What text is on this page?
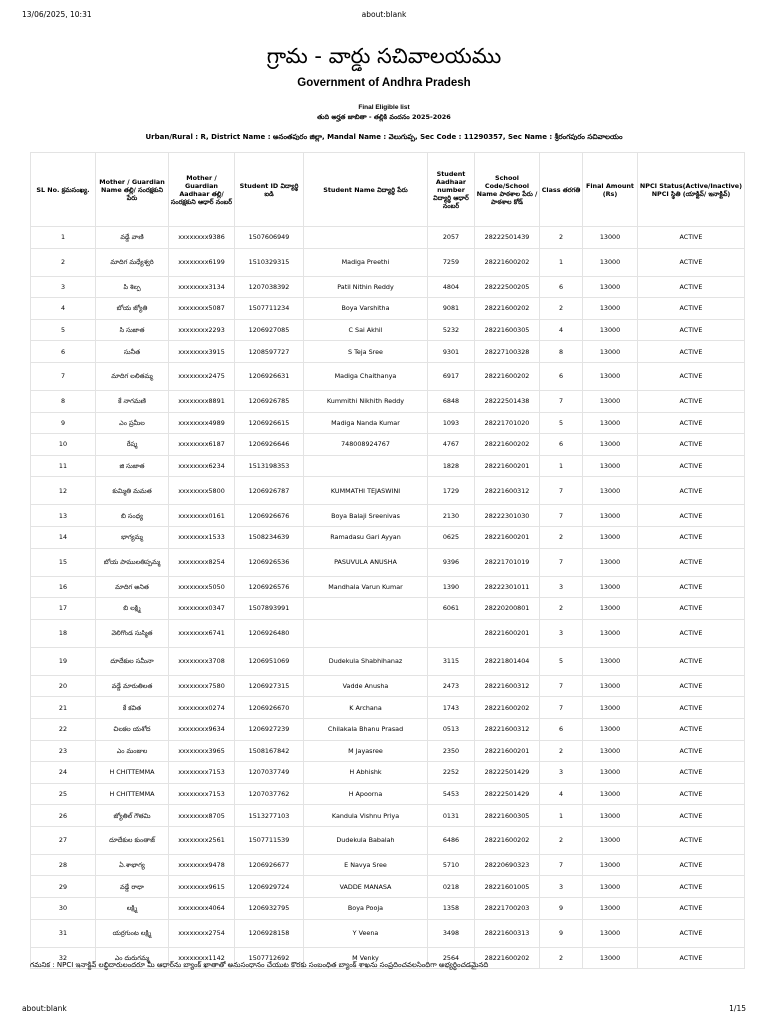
13/06/2025, 10:31	about:blank
గ్రామ - వార్డు సచివాలయము
Government of Andhra Pradesh
Final Eligible list
తుది అర్హత జాబితా - తల్లికి వందనం 2025-2026
Urban/Rural : R, District Name : అనంతపురం జిల్లా, Mandal Name : వెలుగుప్ప, Sec Code : 11290357, Sec Name : శ్రీరంగపురం సచివాలయం
SL No. క్రమసంఖ్య.	Mother / Guardian Name తల్లి/ సంరక్షకుని పేరు	Mother / Guardian Aadhaar తల్లి/ సంరక్షకుని ఆధార్ నంబర్	Student ID విద్యార్థి ఐడి	Student Name విద్యార్థి పేరు	Student Aadhaar number విద్యార్థి ఆధార్ నంబర్	School Code/School Name పాఠశాల పేరు / పాఠశాల కోడ్	Class తరగతి	Final Amount (Rs)	NPCI Status(Active/Inactive) NPCI స్థితి (యాక్టివ్/ ఇనాక్టివ్)
1	వడ్డే వాణి	xxxxxxxx9386	1507606949		2057	28222501439	2	13000	ACTIVE
2	మాదిగ మధ్యేశ్వరి	xxxxxxxx6199	1510329315	Madiga Preethi	7259	28221600202	1	13000	ACTIVE
3	పి శిల్ప	xxxxxxxx3134	1207038392	Patil Nithin Reddy	4804	28222500205	6	13000	ACTIVE
4	బోయ జ్యోతి	xxxxxxxx5087	1507711234	Boya Varshitha	9081	28221600202	2	13000	ACTIVE
5	సి సుజాత	xxxxxxxx2293	1206927085	C Sai Akhil	5232	28221600305	4	13000	ACTIVE
6	సునీత	xxxxxxxx3915	1208597727	S Teja Sree	9301	28227100328	8	13000	ACTIVE
7	మాదిగ లలితమ్మ	xxxxxxxx2475	1206926631	Madiga Chaithanya	6917	28221600202	6	13000	ACTIVE
8	కే నాగమణి	xxxxxxxx8891	1206926785	Kummithi Nikhith Reddy	6848	28222501438	7	13000	ACTIVE
9	ఎం ప్రమీల	xxxxxxxx4989	1206926615	Madiga Nanda Kumar	1093	28221701020	5	13000	ACTIVE
10	రేష్మ	xxxxxxxx6187	1206926646	748008924767	4767	28221600202	6	13000	ACTIVE
11	జి సుజాత	xxxxxxxx6234	1513198353		1828	28221600201	1	13000	ACTIVE
12	కుమ్మితి మమత	xxxxxxxx5800	1206926787	KUMMATHI TEJASWINI	1729	28221600312	7	13000	ACTIVE
13	బి సంధ్య	xxxxxxxx0161	1206926676	Boya Balaji Sreenivas	2130	28222301030	7	13000	ACTIVE
14	భాగ్యమ్మ	xxxxxxxx1533	1508234639	Ramadasu Gari Ayyan	0625	28221600201	2	13000	ACTIVE
15	బోయ పాములతిప్పమ్మ	xxxxxxxx8254	1206926536	PASUVULA ANUSHA	9396	28221701019	7	13000	ACTIVE
16	మాదిగ అనిత	xxxxxxxx5050	1206926576	Mandhala Varun Kumar	1390	28222301011	3	13000	ACTIVE
17	బి లక్ష్మి	xxxxxxxx0347	1507893991		6061	28220200801	2	13000	ACTIVE
18	వెలిగొండ సుస్మిత	xxxxxxxx6741	1206926480			28221600201	3	13000	ACTIVE
19	దూదేకుల సమీనా	xxxxxxxx3708	1206951069	Dudekula Shabhihanaz	3115	28221801404	5	13000	ACTIVE
20	వడ్డే మారుతిలత	xxxxxxxx7580	1206927315	Vadde Anusha	2473	28221600312	7	13000	ACTIVE
21	కే కవిత	xxxxxxxx0274	1206926670	K Archana	1743	28221600202	7	13000	ACTIVE
22	చిలకల యశోద	xxxxxxxx9634	1206927239	Chilakala Bhanu Prasad	0513	28221600312	6	13000	ACTIVE
23	ఎం మంజుల	xxxxxxxx3965	1508167842	M Jayasree	2350	28221600201	2	13000	ACTIVE
24	H CHITTEMMA	xxxxxxxx7153	1207037749	H Abhishk	2252	28222501429	3	13000	ACTIVE
25	H CHITTEMMA	xxxxxxxx7153	1207037762	H Apoorna	5453	28222501429	4	13000	ACTIVE
26	జ్యోతిల్ గౌతమి	xxxxxxxx8705	1513277103	Kandula Vishnu Priya	0131	28221600305	1	13000	ACTIVE
27	దూదేకుల కుంతాజ్	xxxxxxxx2561	1507711539	Dudekula Babalah	6486	28221600202	2	13000	ACTIVE
28	ఏ.శాభాగ్య	xxxxxxxx9478	1206926677	E Navya Sree	5710	28220690323	7	13000	ACTIVE
29	వడ్డే రాధా	xxxxxxxx9615	1206929724	VADDE MANASA	0218	28221601005	3	13000	ACTIVE
30	లక్ష్మి	xxxxxxxx4064	1206932795	Boya Pooja	1358	28221700203	9	13000	ACTIVE
31	యర్రగుంట లక్ష్మి	xxxxxxxx2754	1206928158	Y Veena	3498	28221600313	9	13000	ACTIVE
32	ఎం దురుగమ్మ	xxxxxxxx1142	1507712692	M Venky	2564	28221600202	2	13000	ACTIVE
గమనిక : NPCI ఇనాక్టివ్ లబ్ధిదారులందరూ మీ ఆధార్‌ను బ్యాంక్ ఖాతాతో అనుసంధానం చేయుట కొరకు సంబంధిత బ్యాంక్ శాఖను సంప్రదించవలసిందిగా అభ్యర్థించడమైనది
about:blank	1/15
